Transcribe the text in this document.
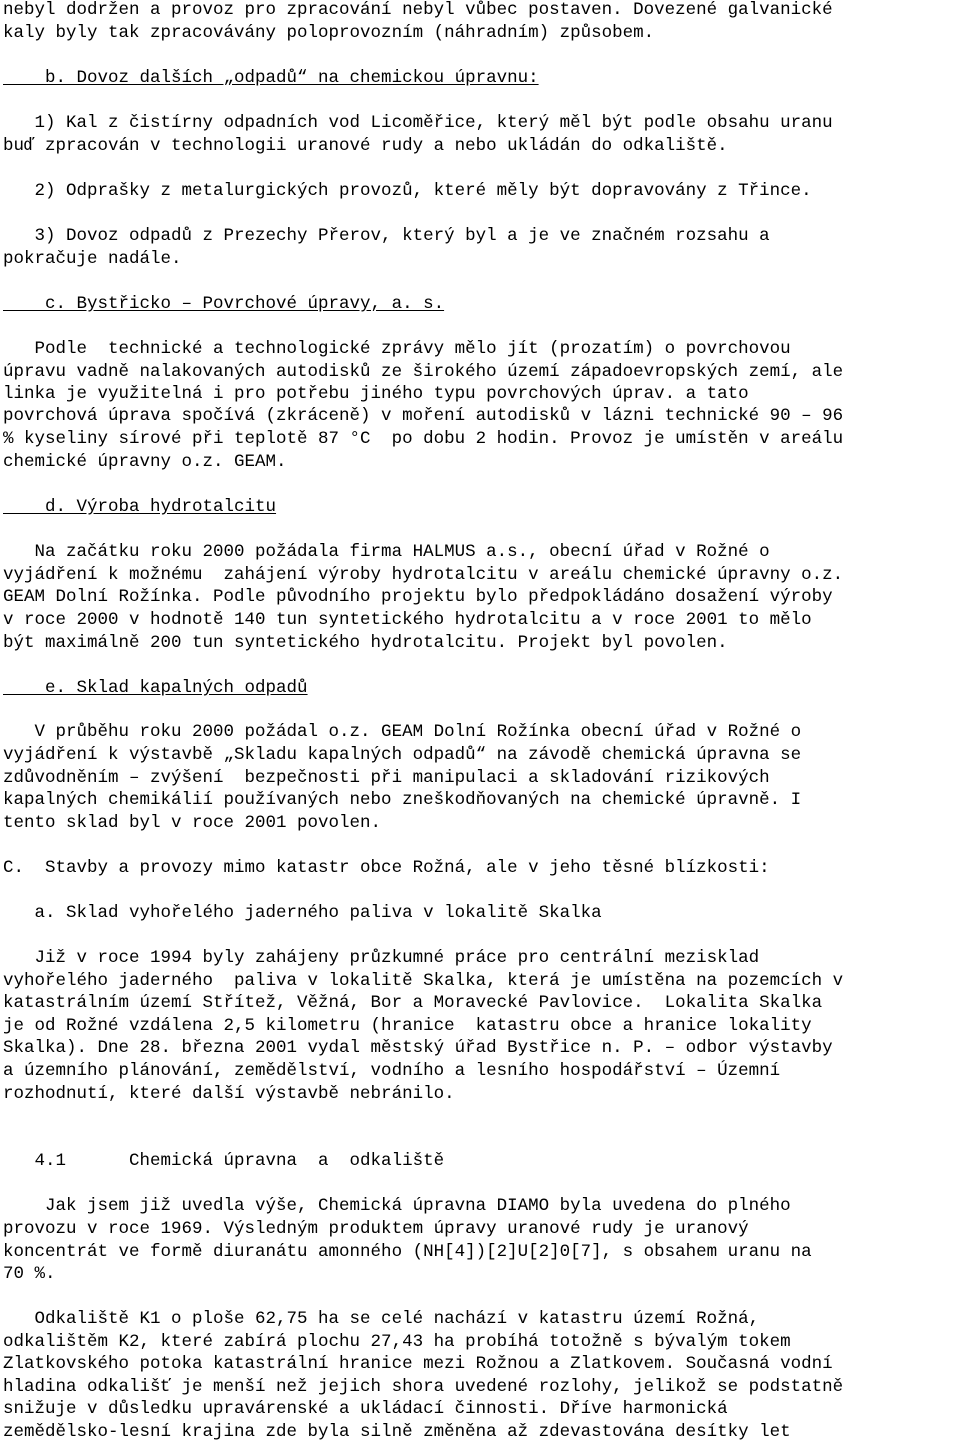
nebyl dodržen a provoz pro zpracování nebyl vůbec postaven. Dovezené galvanické
kaly byly tak zpracovávány poloprovozním (náhradním) způsobem.
b. Dovoz dalších „odpadů“ na chemickou úpravnu:
1) Kal z čistírny odpadních vod Licoměřice, který měl být podle obsahu uranu
buď zpracován v technologii uranové rudy a nebo ukládán do odkaliště.
2) Odprašky z metalurgických provozů, které měly být dopravovány z Třince.
3) Dovoz odpadů z Prezechy Přerov, který byl a je ve značném rozsahu a
pokračuje nadále.
c. Bystřicko – Povrchové úpravy, a. s.
Podle  technické a technologické zprávy mělo jít (prozatím) o povrchovou
úpravu vadně nalakovaných autodisků ze širokého území západoevropských zemí, ale
linka je využitelná i pro potřebu jiného typu povrchových úprav. a tato
povrchová úprava spočívá (zkráceně) v moření autodisků v lázni technické 90 – 96
% kyseliny sírové při teplotě 87 °C  po dobu 2 hodin. Provoz je umístěn v areálu
chemické úpravny o.z. GEAM.
d. Výroba hydrotalcitu
Na začátku roku 2000 požádala firma HALMUS a.s., obecní úřad v Rožné o
vyjádření k možnému  zahájení výroby hydrotalcitu v areálu chemické úpravny o.z.
GEAM Dolní Rožínka. Podle původního projektu bylo předpokládáno dosažení výroby
v roce 2000 v hodnotě 140 tun syntetického hydrotalcitu a v roce 2001 to mělo
být maximálně 200 tun syntetického hydrotalcitu. Projekt byl povolen.
e. Sklad kapalných odpadů
V průběhu roku 2000 požádal o.z. GEAM Dolní Rožínka obecní úřad v Rožné o
vyjádření k výstavbě „Skladu kapalných odpadů“ na závodě chemická úpravna se
zdůvodněním – zvýšení  bezpečnosti při manipulaci a skladování rizikových
kapalných chemikálií používaných nebo zneškodňovaných na chemické úpravně. I
tento sklad byl v roce 2001 povolen.
C.  Stavby a provozy mimo katastr obce Rožná, ale v jeho těsné blízkosti:
a. Sklad vyhořelého jaderného paliva v lokalitě Skalka
Již v roce 1994 byly zahájeny průzkumné práce pro centrální mezisklad
vyhořelého jaderného  paliva v lokalitě Skalka, která je umístěna na pozemcích v
katastrálním území Střítež, Věžná, Bor a Moravecké Pavlovice.  Lokalita Skalka
je od Rožné vzdálena 2,5 kilometru (hranice  katastru obce a hranice lokality
Skalka). Dne 28. března 2001 vydal městský úřad Bystřice n. P. – odbor výstavby
a územního plánování, zemědělství, vodního a lesního hospodářství – Územní
rozhodnutí, které další výstavbě nebránilo.
4.1      Chemická úpravna  a  odkaliště
Jak jsem již uvedla výše, Chemická úpravna DIAMO byla uvedena do plného
provozu v roce 1969. Výsledným produktem úpravy uranové rudy je uranový
koncentrát ve formě diuranátu amonného (NH[4])[2]U[2]0[7], s obsahem uranu na
70 %.
Odkaliště K1 o ploše 62,75 ha se celé nachází v katastru území Rožná,
odkalištěm K2, které zabírá plochu 27,43 ha probíhá totožně s bývalým tokem
Zlatkovského potoka katastrální hranice mezi Rožnou a Zlatkovem. Současná vodní
hladina odkališť je menší než jejich shora uvedené rozlohy, jelikož se podstatně
snižuje v důsledku upravárenské a ukládací činnosti. Dříve harmonická
zemědělsko-lesní krajina zde byla silně změněna až zdevastována desítky let
